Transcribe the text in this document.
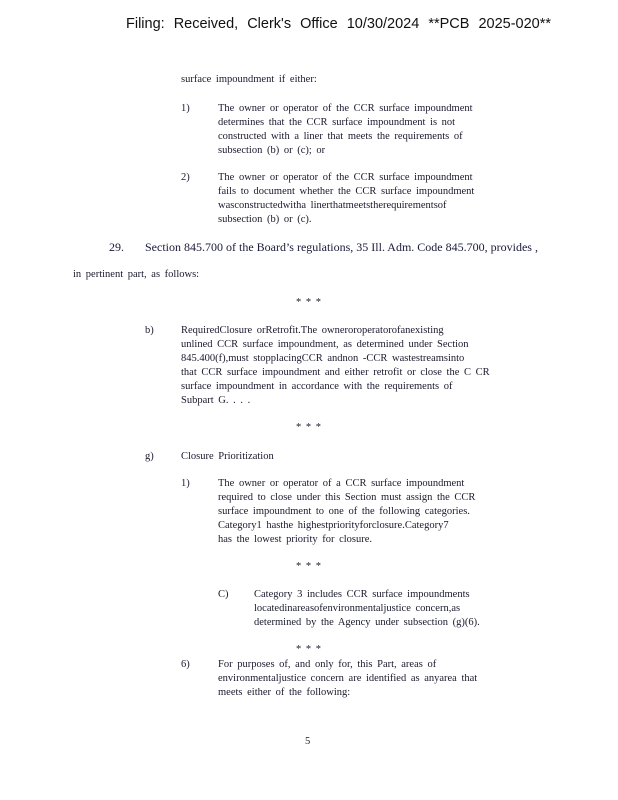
Filing: Received, Clerk's Office 10/30/2024 **PCB 2025-020**
surface impoundment if either:
1)	The owner or operator of the CCR surface impoundment
determines that the CCR surface impoundment is not
constructed with a liner that meets the requirements of
subsection (b) or (c); or
2)	The owner or operator of the CCR surface impoundment
fails to document whether the CCR surface impoundment
wasconstructedwitha linerthatmeetstherequirementsof
subsection (b) or (c).
29. Section 845.700 of the Board’s regulations, 35 Ill. Adm. Code 845.700, provides ,
in pertinent part, as follows:
* * *
b)	RequiredClosure orRetrofit.The owneroroperatorofanexisting
unlined CCR surface impoundment, as determined under Section
845.400(f),must stopplacingCCR andnon -CCR wastestreamsinto
that CCR surface impoundment and either retrofit or close the C CR
surface impoundment in accordance with the requirements of
Subpart G. . . .
* * *
g)	Closure Prioritization
1)	The owner or operator of a CCR surface impoundment
required to close under this Section must assign the CCR
surface impoundment to one of the following categories.
Category1 hasthe highestpriorityforclosure.Category7
has the lowest priority for closure.
* * *
C) Category 3 includes CCR surface impoundments
locatedinareasofenvironmentaljustice concern,as
determined by the Agency under subsection (g)(6).
* * *
6)	For purposes of, and only for, this Part, areas of
environmentaljustice concern are identified as anyarea that
meets either of the following:
5
